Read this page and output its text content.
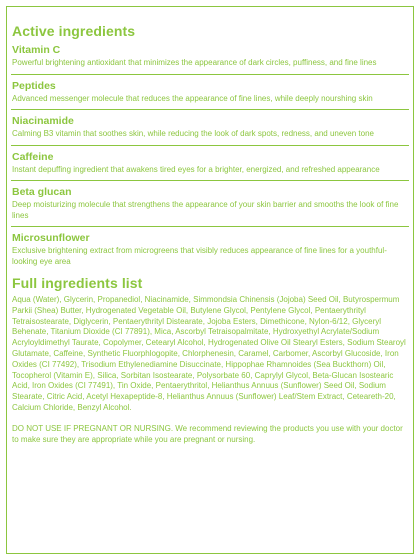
Active ingredients
Vitamin C
Powerful brightening antioxidant that minimizes the appearance of dark circles, puffiness, and fine lines
Peptides
Advanced messenger molecule that reduces the appearance of fine lines, while deeply nourshing skin
Niacinamide
Calming B3 vitamin that soothes skin, while reducing the look of dark spots, redness, and uneven tone
Caffeine
Instant depuffing ingredient that awakens tired eyes for a brighter, energized, and refreshed appearance
Beta glucan
Deep moisturizing molecule that strengthens the appearance of your skin barrier and smooths the look of fine lines
Microsunflower
Exclusive brightening extract from microgreens that visibly reduces appearance of fine lines for a youthful-looking eye area
Full ingredients list
Aqua (Water), Glycerin, Propanediol, Niacinamide, Simmondsia Chinensis (Jojoba) Seed Oil, Butyrospermum Parkii (Shea) Butter, Hydrogenated Vegetable Oil, Butylene Glycol, Pentylene Glycol, Pentaerythrityl Tetraisostearate, Diglycerin, Pentaerythrityl Distearate, Jojoba Esters, Dimethicone, Nylon-6/12, Glyceryl Behenate, Titanium Dioxide (CI 77891), Mica, Ascorbyl Tetraisopalmitate, Hydroxyethyl Acrylate/Sodium Acryloyldimethyl Taurate, Copolymer, Cetearyl Alcohol, Hydrogenated Olive Oil Stearyl Esters, Sodium Stearoyl Glutamate, Caffeine, Synthetic Fluorphlogopite, Chlorphenesin, Caramel, Carbomer, Ascorbyl Glucoside, Iron Oxides (CI 77492), Trisodium Ethylenediamine Disuccinate, Hippophae Rhamnoides (Sea Buckthorn) Oil, Tocopherol (Vitamin E), Silica, Sorbitan Isostearate, Polysorbate 60, Caprylyl Glycol, Beta-Glucan Isostearic Acid, Iron Oxides (CI 77491), Tin Oxide, Pentaerythritol, Helianthus Annuus (Sunflower) Seed Oil, Sodium Stearate, Citric Acid, Acetyl Hexapeptide-8, Helianthus Annuus (Sunflower) Leaf/Stem Extract, Ceteareth-20, Calcium Chloride, Benzyl Alcohol.
DO NOT USE IF PREGNANT OR NURSING. We recommend reviewing the products you use with your doctor to make sure they are appropriate while you are pregnant or nursing.
